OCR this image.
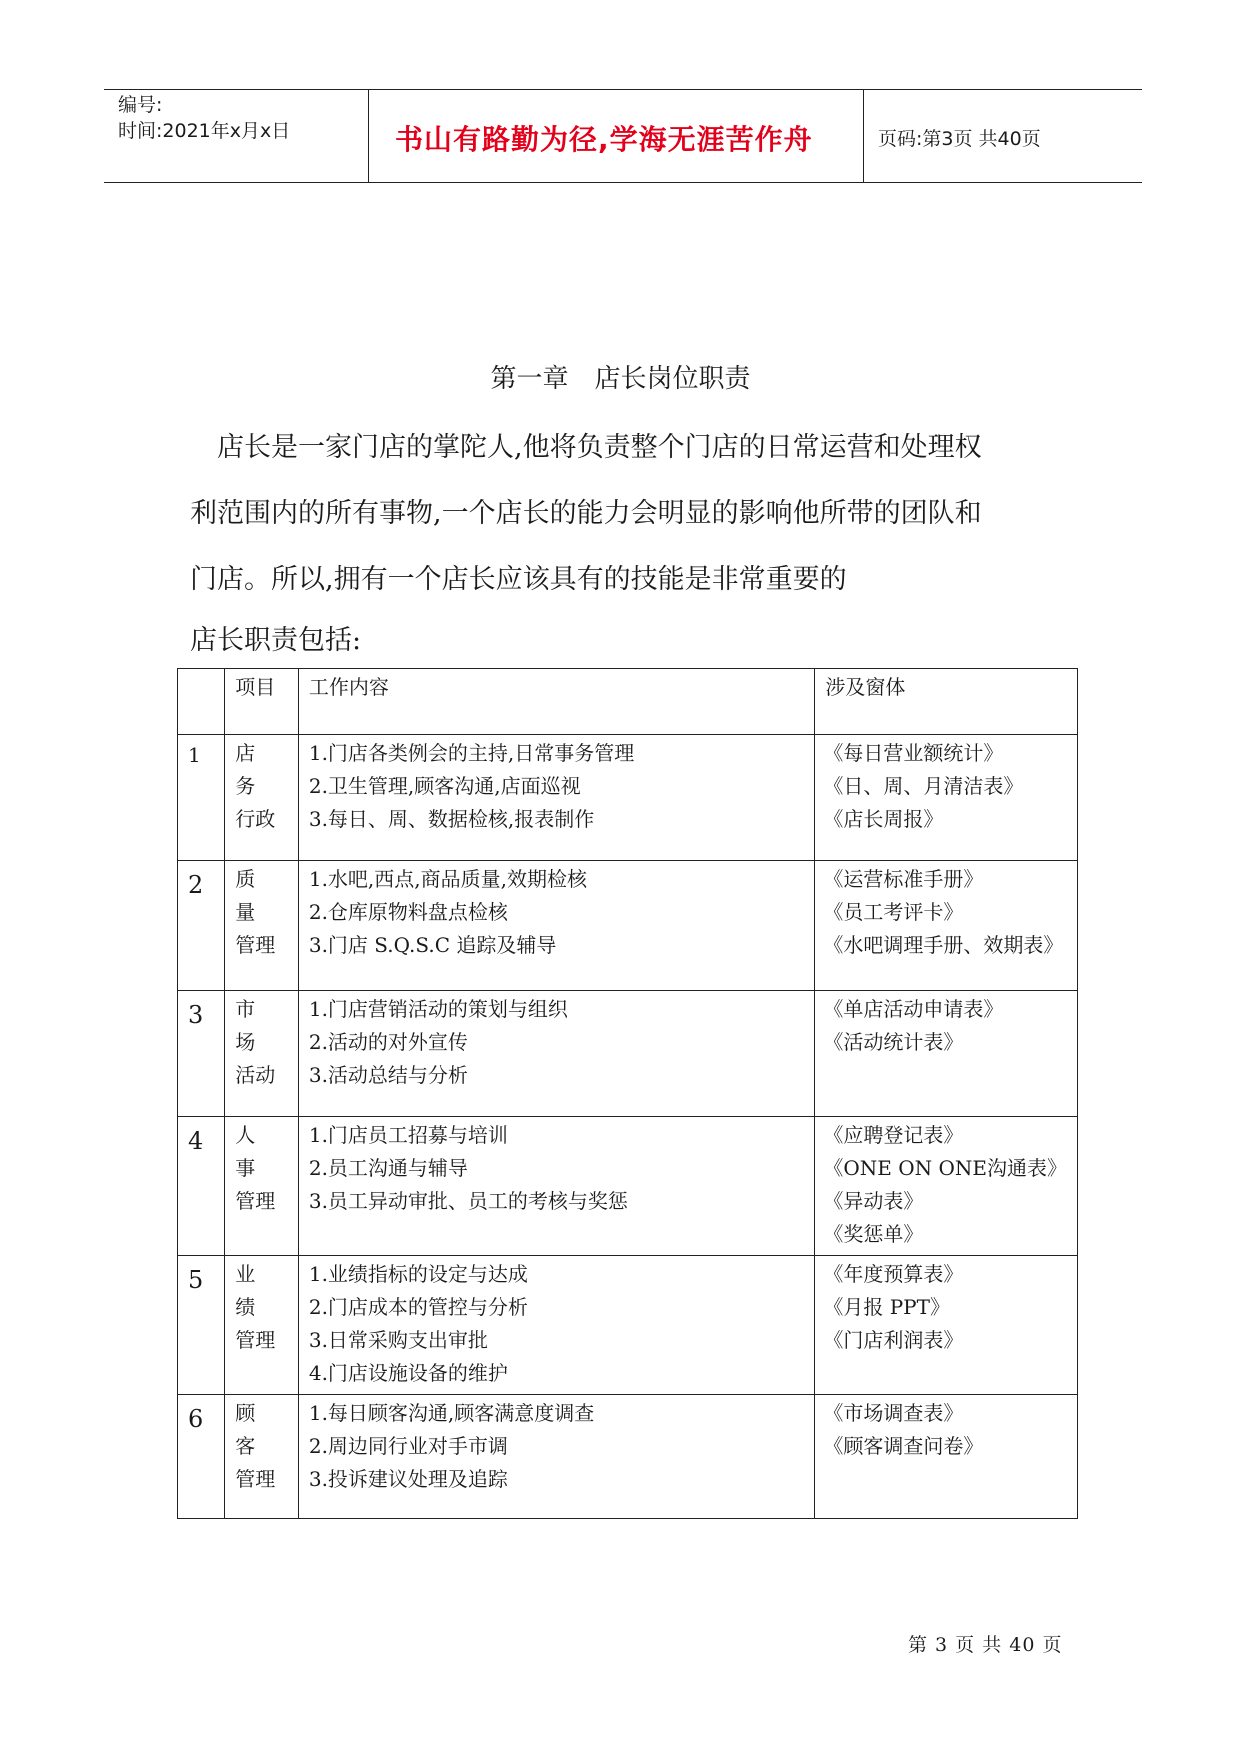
编号:
时间:2021年x月x日	书山有路勤为径,学海无涯苦作舟	页码:第3页 共40页
第一章　店长岗位职责

店长是一家门店的掌陀人,他将负责整个门店的日常运营和处理权

利范围内的所有事物,一个店长的能力会明显的影响他所带的团队和

门店。所以,拥有一个店长应该具有的技能是非常重要的

店长职责包括:
	项目	工作内容	涉及窗体
1	店务
行政	1.门店各类例会的主持,日常事务管理
2.卫生管理,顾客沟通,店面巡视
3.每日、周、数据检核,报表制作	《每日营业额统计》
《日、周、月清洁表》
《店长周报》

2	质量
管理	1.水吧,西点,商品质量,效期检核
2.仓库原物料盘点检核
3.门店 S.Q.S.C 追踪及辅导	《运营标准手册》
《员工考评卡》
《水吧调理手册、效期表》

3	市场
活动	1.门店营销活动的策划与组织
2.活动的对外宣传
3.活动总结与分析	《单店活动申请表》
《活动统计表》

4	人事
管理	1.门店员工招募与培训
2.员工沟通与辅导
3.员工异动审批、员工的考核与奖惩	《应聘登记表》
《ONE ON ONE沟通表》
《异动表》
《奖惩单》

5	业绩
管理	1.业绩指标的设定与达成
2.门店成本的管控与分析
3.日常采购支出审批
4.门店设施设备的维护	《年度预算表》
《月报 PPT》
《门店利润表》

6	顾客
管理	1.每日顾客沟通,顾客满意度调查
2.周边同行业对手市调
3.投诉建议处理及追踪	《市场调查表》
《顾客调查问卷》
第 3 页 共 40 页
